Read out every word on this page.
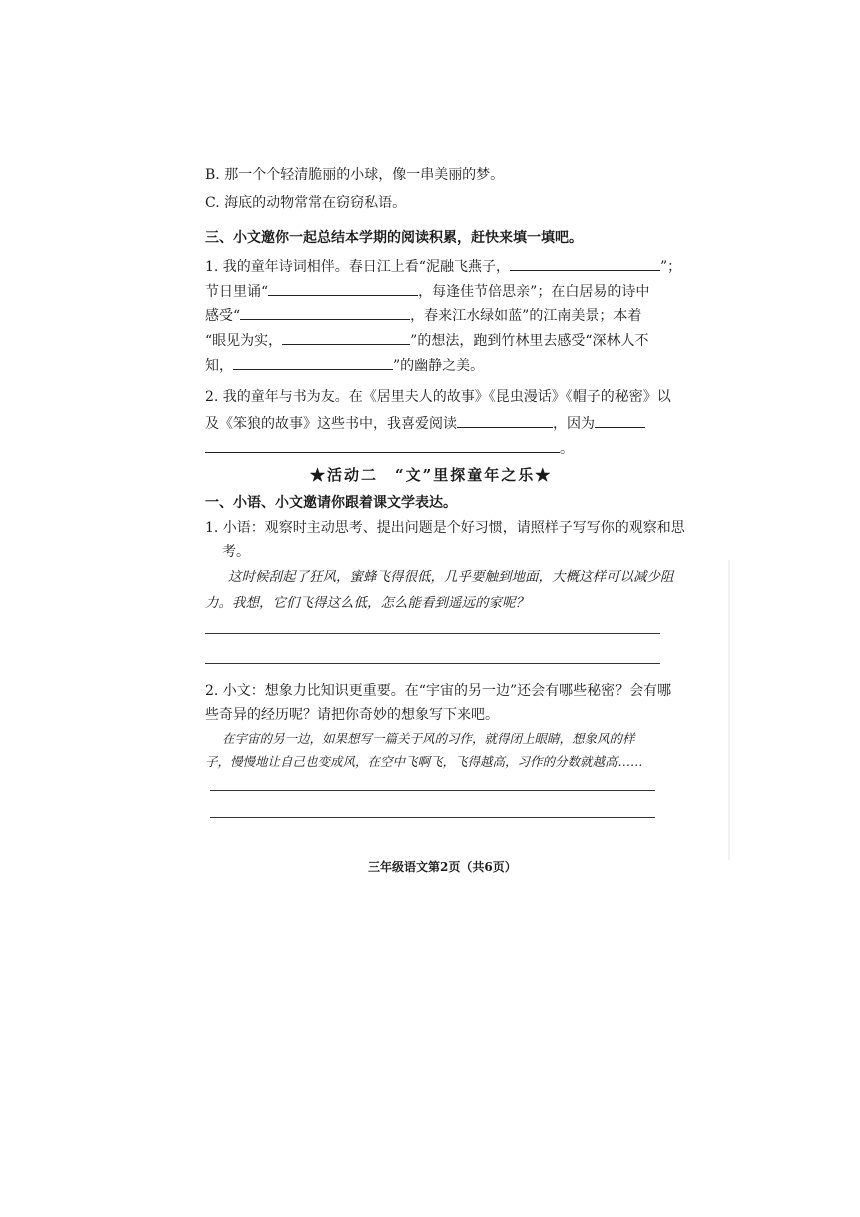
B. 那一个个轻清脆丽的小球，像一串美丽的梦。
C. 海底的动物常常在窃窃私语。
三、小文邀你一起总结本学期的阅读积累，赶快来填一填吧。
1. 我的童年诗词相伴。春日江上看“泥融飞燕子，	”；
节日里诵“	，每逢佳节倍思亲”；在白居易的诗中
感受“	，春来江水绿如蓝”的江南美景；本着
“眼见为实，	”的想法，跑到竹林里去感受“深林人不
知，	”的幽静之美。
2. 我的童年与书为友。在《居里夫人的故事》《昆虫漫话》《帽子的秘密》以
及《笨狼的故事》这些书中，我喜爱阅读	，因为
。
★活动二　“文”里探童年之乐★
一、小语、小文邀请你跟着课文学表达。
1. 小语：观察时主动思考、提出问题是个好习惯，请照样子写写你的观察和思
考。
这时候刮起了狂风，蜜蜂飞得很低，几乎要触到地面，大概这样可以减少阻
力。我想，它们飞得这么低，怎么能看到遥远的家呢？
2. 小文：想象力比知识更重要。在“宇宙的另一边”还会有哪些秘密？会有哪
些奇异的经历呢？请把你奇妙的想象写下来吧。
在宇宙的另一边，如果想写一篇关于风的习作，就得闭上眼睛，想象风的样
子，慢慢地让自己也变成风，在空中飞啊飞，飞得越高，习作的分数就越高……
三年级语文第2页（共6页）
